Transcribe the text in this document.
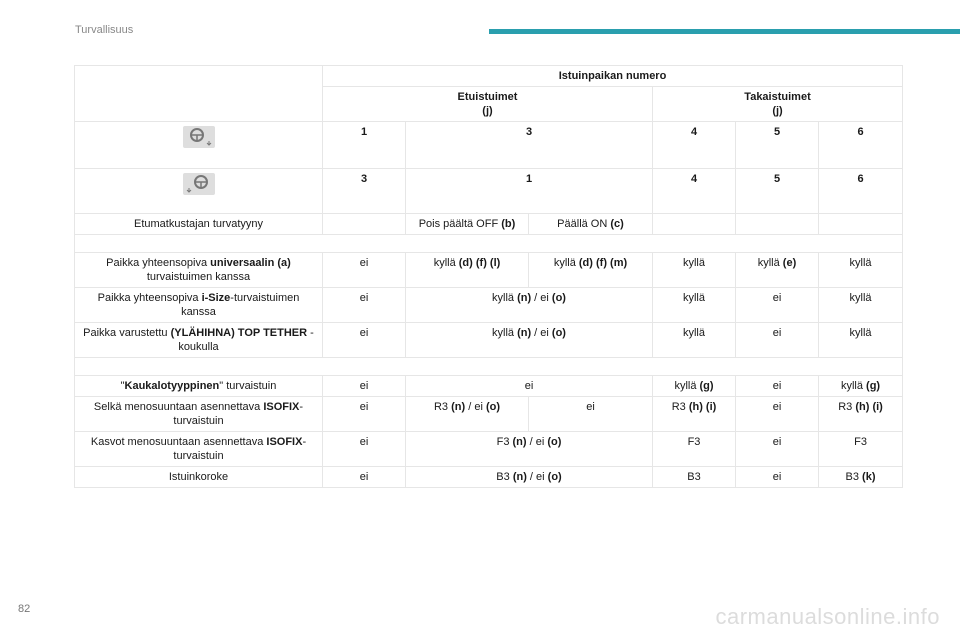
Turvallisuus
	Istuinpaikan numero					
	Etuistuimet
(j)			Takaistuimet
(j)		
	1	3		4	5	6
	3	1		4	5	6
Etumatkustajan turvatyyny		Pois päältä OFF (b)	Päällä ON (c)			

Paikka yhteensopiva universaalin (a) turvaistuimen kanssa	ei	kyllä (d) (f) (l)	kyllä (d) (f) (m)	kyllä	kyllä (e)	kyllä
Paikka yhteensopiva i-Size-turvaistuimen kanssa	ei	kyllä (n) / ei (o)		kyllä	ei	kyllä
Paikka varustettu (YLÄHIHNA) TOP TETHER -koukulla	ei	kyllä (n) / ei (o)		kyllä	ei	kyllä

"Kaukalotyyppinen" turvaistuin	ei	ei		kyllä (g)	ei	kyllä (g)
Selkä menosuuntaan asennettava ISOFIX-turvaistuin	ei	R3 (n) / ei (o)	ei	R3 (h) (i)	ei	R3 (h) (i)
Kasvot menosuuntaan asennettava ISOFIX-turvaistuin	ei	F3 (n) / ei (o)		F3	ei	F3
Istuinkoroke	ei	B3 (n) / ei (o)		B3	ei	B3 (k)
82	carmanualsonline.info
